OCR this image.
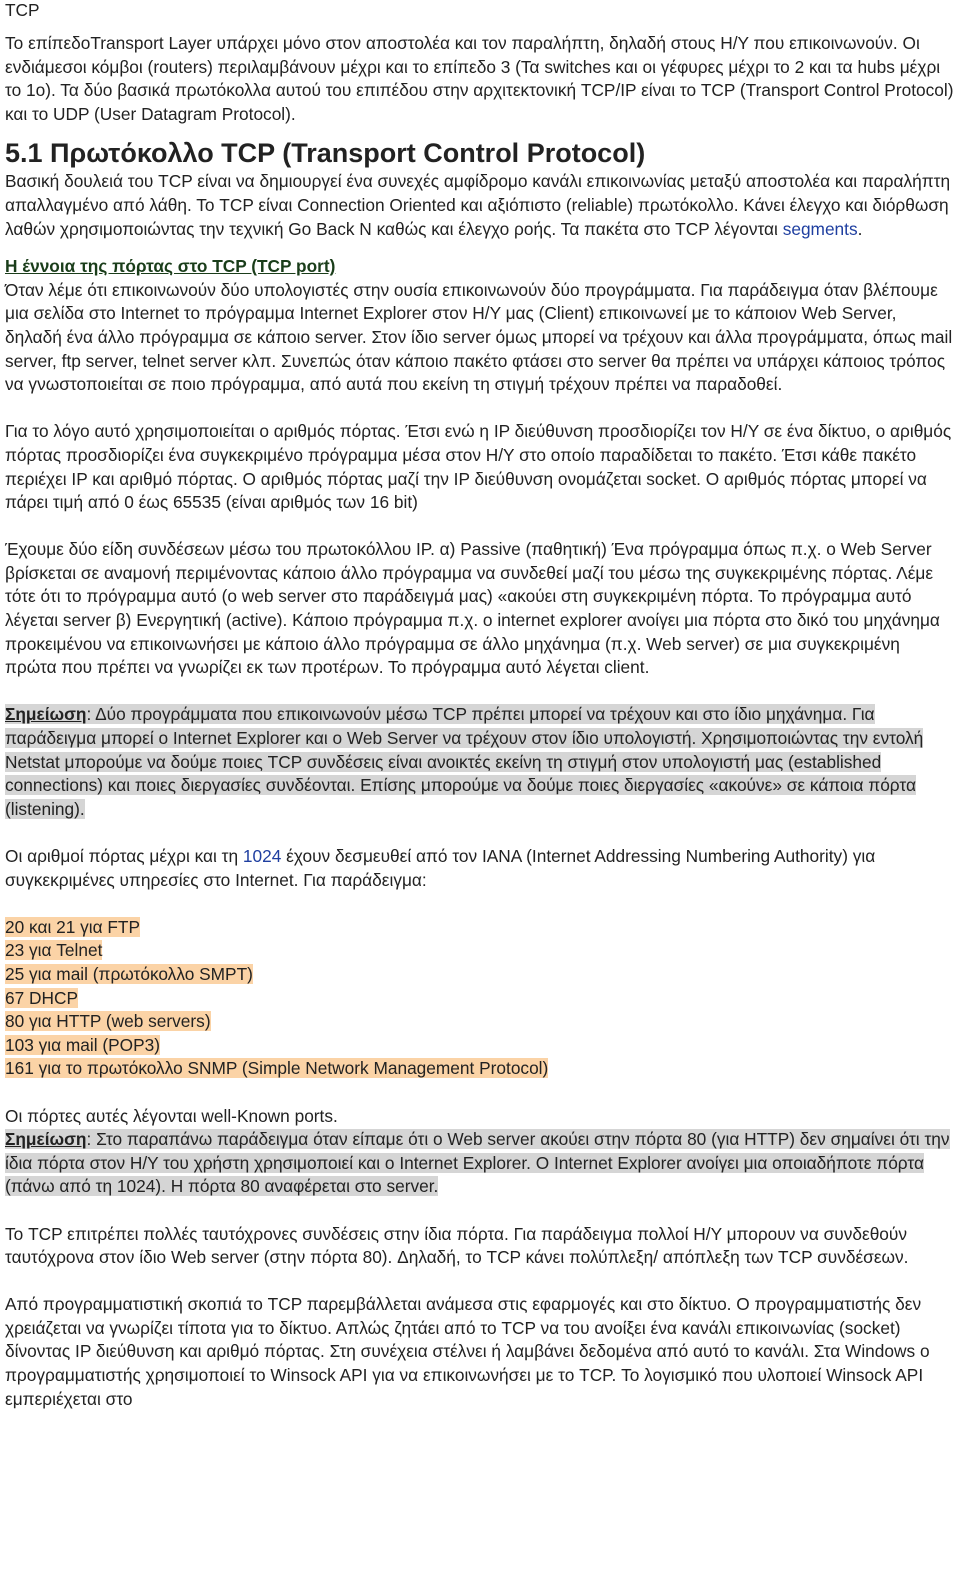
TCP

Το επίπεδοTransport Layer υπάρχει μόνο στον αποστολέα και τον παραλήπτη, δηλαδή στους Η/Υ που επικοινωνούν. Οι ενδιάμεσοι κόμβοι (routers) περιλαμβάνουν μέχρι και το επίπεδο 3 (Τα switches και οι γέφυρες μέχρι το 2 και τα hubs μέχρι το 1ο). Τα δύο βασικά πρωτόκολλα αυτού του επιπέδου στην αρχιτεκτονική TCP/IP είναι το TCP (Transport Control Protocol) και το UDP (User Datagram Protocol).

5.1 Πρωτόκολλο TCP (Transport Control Protocol)

Βασική δουλειά του TCP είναι να δημιουργεί ένα συνεχές αμφίδρομο κανάλι επικοινωνίας μεταξύ αποστολέα και παραλήπτη απαλλαγμένο από λάθη. Το TCP είναι Connection Oriented και αξιόπιστο (reliable) πρωτόκολλο. Κάνει έλεγχο και διόρθωση λαθών χρησιμοποιώντας την τεχνική Go Back N καθώς και έλεγχο ροής. Τα πακέτα στο TCP λέγονται segments.

Η έννοια της πόρτας στο TCP (TCP port)

Όταν λέμε ότι επικοινωνούν δύο υπολογιστές στην ουσία επικοινωνούν δύο προγράμματα. Για παράδειγμα όταν βλέπουμε μια σελίδα στο Internet το πρόγραμμα Internet Explorer στον Η/Υ μας (Client) επικοινωνεί με το κάποιον Web Server, δηλαδή ένα άλλο πρόγραμμα σε κάποιο server. Στον ίδιο server όμως μπορεί να τρέχουν και άλλα προγράμματα, όπως mail server, ftp server, telnet server κλπ. Συνεπώς όταν κάποιο πακέτο φτάσει στο server θα πρέπει να υπάρχει κάποιος τρόπος να γνωστοποιείται σε ποιο πρόγραμμα, από αυτά που εκείνη τη στιγμή τρέχουν πρέπει να παραδοθεί.

Για το λόγο αυτό χρησιμοποιείται ο αριθμός πόρτας. Έτσι ενώ η IP διεύθυνση προσδιορίζει τον Η/Υ σε ένα δίκτυο, ο αριθμός πόρτας προσδιορίζει ένα συγκεκριμένο πρόγραμμα μέσα στον Η/Υ στο οποίο παραδίδεται το πακέτο. Έτσι κάθε πακέτο περιέχει IP και αριθμό πόρτας. Ο αριθμός πόρτας μαζί την IP διεύθυνση ονομάζεται socket. Ο αριθμός πόρτας μπορεί να πάρει τιμή από 0 έως 65535 (είναι αριθμός των 16 bit)

Έχουμε δύο είδη συνδέσεων μέσω του πρωτοκόλλου IP. α) Passive (παθητική) Ένα πρόγραμμα όπως π.χ. ο Web Server βρίσκεται σε αναμονή περιμένοντας κάποιο άλλο πρόγραμμα να συνδεθεί μαζί του μέσω της συγκεκριμένης πόρτας. Λέμε τότε ότι το πρόγραμμα αυτό (ο web server στο παράδειγμά μας) «ακούει στη συγκεκριμένη πόρτα. Το πρόγραμμα αυτό λέγεται server β) Ενεργητική (active). Κάποιο πρόγραμμα π.χ. ο internet explorer ανοίγει μια πόρτα στο δικό του μηχάνημα προκειμένου να επικοινωνήσει με κάποιο άλλο πρόγραμμα σε άλλο μηχάνημα (π.χ. Web server) σε μια συγκεκριμένη πρώτα που πρέπει να γνωρίζει εκ των προτέρων. Το πρόγραμμα αυτό λέγεται client.

Σημείωση: Δύο προγράμματα που επικοινωνούν μέσω TCP πρέπει μπορεί να τρέχουν και στο ίδιο μηχάνημα. Για παράδειγμα μπορεί ο Internet Explorer και ο Web Server να τρέχουν στον ίδιο υπολογιστή. Χρησιμοποιώντας την εντολή Netstat μπορούμε να δούμε ποιες TCP συνδέσεις είναι ανοικτές εκείνη τη στιγμή στον υπολογιστή μας (established connections) και ποιες διεργασίες συνδέονται. Επίσης μπορούμε να δούμε ποιες διεργασίες «ακούνε» σε κάποια πόρτα (listening).

Οι αριθμοί πόρτας μέχρι και τη 1024 έχουν δεσμευθεί από τον IANA (Internet Addressing Numbering Authority) για συγκεκριμένες υπηρεσίες στο Internet. Για παράδειγμα:

20 και 21 για FTP
23 για Telnet
25 για mail (πρωτόκολλο SMPT)
67 DHCP
80 για HTTP (web servers)
103 για mail (POP3)
161 για το πρωτόκολλο SNMP (Simple Network Management Protocol)

Οι πόρτες αυτές λέγονται well-Known ports.

Σημείωση: Στο παραπάνω παράδειγμα όταν είπαμε ότι ο Web server ακούει στην πόρτα 80 (για HTTP) δεν σημαίνει ότι την ίδια πόρτα στον Η/Υ του χρήστη χρησιμοποιεί και ο Internet Explorer. Ο Internet Explorer ανοίγει μια οποιαδήποτε πόρτα (πάνω από τη 1024). Η πόρτα 80 αναφέρεται στο server.

Το TCP επιτρέπει πολλές ταυτόχρονες συνδέσεις στην ίδια πόρτα. Για παράδειγμα πολλοί Η/Υ μπορουν να συνδεθούν ταυτόχρονα στον ίδιο Web server (στην πόρτα 80). Δηλαδή, το TCP κάνει πολύπλεξη/ απόπλεξη των TCP συνδέσεων.

Από προγραμματιστική σκοπιά το TCP παρεμβάλλεται ανάμεσα στις εφαρμογές και στο δίκτυο. Ο προγραμματιστής δεν χρειάζεται να γνωρίζει τίποτα για το δίκτυο. Απλώς ζητάει από το TCP να του ανοίξει ένα κανάλι επικοινωνίας (socket) δίνοντας IP διεύθυνση και αριθμό πόρτας. Στη συνέχεια στέλνει ή λαμβάνει δεδομένα από αυτό το κανάλι. Στα Windows ο προγραμματιστής χρησιμοποιεί το Winsock API για να επικοινωνήσει με το TCP. Το λογισμικό που υλοποιεί Winsock API εμπεριέχεται στο
